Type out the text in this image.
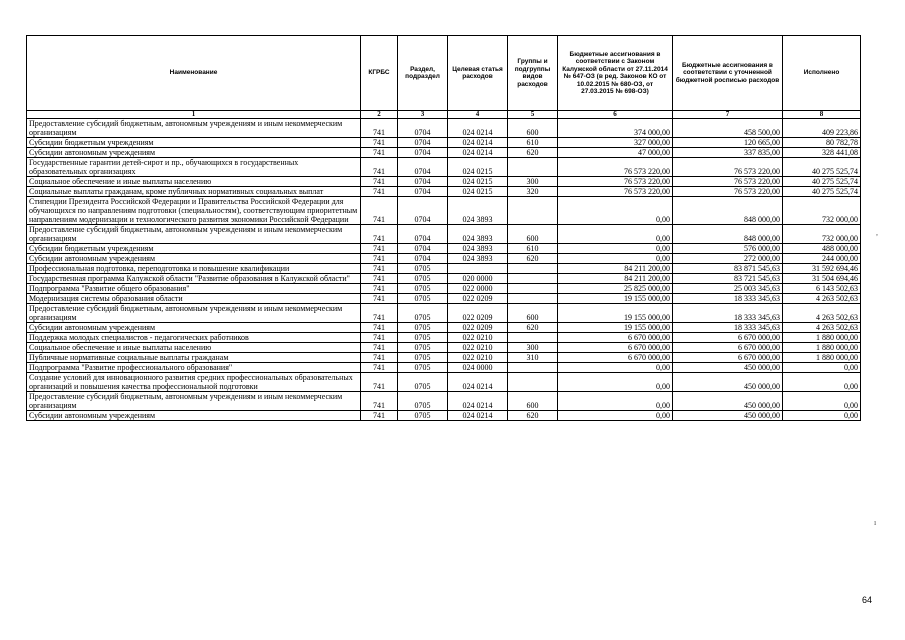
Наименование	КГРБС	Раздел, подраздел	Целевая статья расходов	Группы и подгруппы видов расходов	Бюджетные ассигнования в соответствии с Законом Калужской области от 27.11.2014 № 647-ОЗ (в ред. Законов КО от 10.02.2015 № 680-ОЗ, от 27.03.2015 № 698-ОЗ)	Бюджетные ассигнования в соответствии с уточненной бюджетной росписью расходов	Исполнено
1	2	3	4	5	6	7	8
Предоставление субсидий бюджетным, автономным учреждениям и иным некоммерческим организациям	741	0704	024 0214	600	374 000,00	458 500,00	409 223,86
Субсидии бюджетным учреждениям	741	0704	024 0214	610	327 000,00	120 665,00	80 782,78
Субсидии автономным учреждениям	741	0704	024 0214	620	47 000,00	337 835,00	328 441,08
Государственные гарантии детей-сирот и пр., обучающихся в государственных образовательных организациях	741	0704	024 0215		76 573 220,00	76 573 220,00	40 275 525,74
Социальное обеспечение и иные выплаты населению	741	0704	024 0215	300	76 573 220,00	76 573 220,00	40 275 525,74
Социальные выплаты гражданам, кроме публичных нормативных социальных выплат	741	0704	024 0215	320	76 573 220,00	76 573 220,00	40 275 525,74
Стипендии Президента Российской Федерации и Правительства Российской Федерации для обучающихся по направлениям подготовки (специальностям), соответствующим приоритетным направлениям модернизации и технологического развития экономики Российской Федерации	741	0704	024 3893		0,00	848 000,00	732 000,00
Предоставление субсидий бюджетным, автономным учреждениям и иным некоммерческим организациям	741	0704	024 3893	600	0,00	848 000,00	732 000,00
Субсидии бюджетным учреждениям	741	0704	024 3893	610	0,00	576 000,00	488 000,00
Субсидии автономным учреждениям	741	0704	024 3893	620	0,00	272 000,00	244 000,00
Профессиональная подготовка, переподготовка и повышение квалификации	741	0705			84 211 200,00	83 871 545,63	31 592 694,46
Государственная программа Калужской области "Развитие образования в Калужской области"	741	0705	020 0000		84 211 200,00	83 721 545,63	31 504 694,46
Подпрограмма "Развитие общего образования"	741	0705	022 0000		25 825 000,00	25 003 345,63	6 143 502,63
Модернизация системы образования области	741	0705	022 0209		19 155 000,00	18 333 345,63	4 263 502,63
Предоставление субсидий бюджетным, автономным учреждениям и иным некоммерческим организациям	741	0705	022 0209	600	19 155 000,00	18 333 345,63	4 263 502,63
Субсидии автономным учреждениям	741	0705	022 0209	620	19 155 000,00	18 333 345,63	4 263 502,63
Поддержка молодых специалистов - педагогических работников	741	0705	022 0210		6 670 000,00	6 670 000,00	1 880 000,00
Социальное обеспечение и иные выплаты населению	741	0705	022 0210	300	6 670 000,00	6 670 000,00	1 880 000,00
Публичные нормативные социальные выплаты гражданам	741	0705	022 0210	310	6 670 000,00	6 670 000,00	1 880 000,00
Подпрограмма "Развитие профессионального образования"	741	0705	024 0000		0,00	450 000,00	0,00
Создание условий для инновационного развития средних профессиональных образовательных организаций и повышения качества профессиональной подготовки	741	0705	024 0214		0,00	450 000,00	0,00
Предоставление субсидий бюджетным, автономным учреждениям и иным некоммерческим организациям	741	0705	024 0214	600	0,00	450 000,00	0,00
Субсидии автономным учреждениям	741	0705	024 0214	620	0,00	450 000,00	0,00
,
ı
64
